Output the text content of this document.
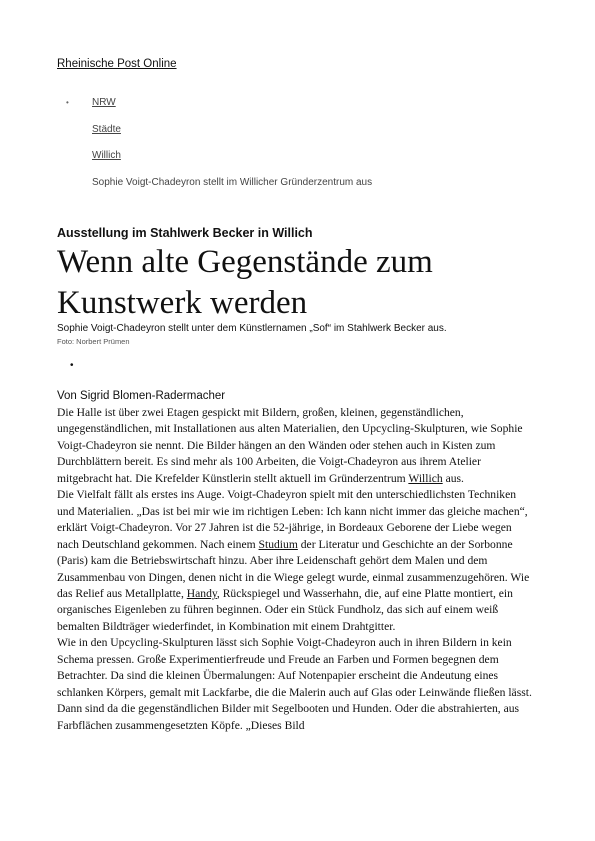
Rheinische Post Online
• NRW
Städte
Willich
Sophie Voigt-Chadeyron stellt im Willicher Gründerzentrum aus
Ausstellung im Stahlwerk Becker in Willich
Wenn alte Gegenstände zum
Kunstwerk werden
Sophie Voigt-Chadeyron stellt unter dem Künstlernamen „Sof“ im Stahlwerk Becker aus.
Foto: Norbert Prümen
•
Von Sigrid Blomen-Radermacher

Die Halle ist über zwei Etagen gespickt mit Bildern, großen, kleinen, gegenständlichen, ungegenständlichen, mit Installationen aus alten Materialien, den Upcycling-Skulpturen, wie Sophie Voigt-Chadeyron sie nennt. Die Bilder hängen an den Wänden oder stehen auch in Kisten zum Durchblättern bereit. Es sind mehr als 100 Arbeiten, die Voigt-Chadeyron aus ihrem Atelier mitgebracht hat. Die Krefelder Künstlerin stellt aktuell im Gründerzentrum Willich aus.

Die Vielfalt fällt als erstes ins Auge. Voigt-Chadeyron spielt mit den unterschiedlichsten Techniken und Materialien. „Das ist bei mir wie im richtigen Leben: Ich kann nicht immer das gleiche machen“, erklärt Voigt-Chadeyron. Vor 27 Jahren ist die 52-jährige, in Bordeaux Geborene der Liebe wegen nach Deutschland gekommen. Nach einem Studium der Literatur und Geschichte an der Sorbonne (Paris) kam die Betriebswirtschaft hinzu. Aber ihre Leidenschaft gehört dem Malen und dem Zusammenbau von Dingen, denen nicht in die Wiege gelegt wurde, einmal zusammenzugehören. Wie das Relief aus Metallplatte, Handy, Rückspiegel und Wasserhahn, die, auf eine Platte montiert, ein organisches Eigenleben zu führen beginnen. Oder ein Stück Fundholz, das sich auf einem weiß bemalten Bildträger wiederfindet, in Kombination mit einem Drahtgitter.

Wie in den Upcycling-Skulpturen lässt sich Sophie Voigt-Chadeyron auch in ihren Bildern in kein Schema pressen. Große Experimentierfreude und Freude an Farben und Formen begegnen dem Betrachter. Da sind die kleinen Übermalungen: Auf Notenpapier erscheint die Andeutung eines schlanken Körpers, gemalt mit Lackfarbe, die die Malerin auch auf Glas oder Leinwände fließen lässt. Dann sind da die gegenständlichen Bilder mit Segelbooten und Hunden. Oder die abstrahierten, aus Farbflächen zusammengesetzten Köpfe. „Dieses Bild
